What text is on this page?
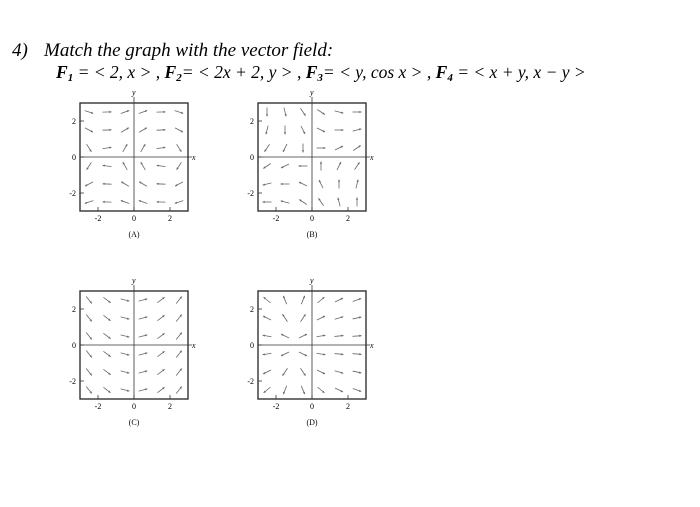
4) Match the graph with the vector field:
$F_1$ = < 2, x > , $F_2= < 2x + 2$, y > , $F_3= < y$, cos x > , $F_4$ = < x + y, x − y >
x
y
-2	0	2
2
0
-2
(A)
x
y
-2	0	2
2
0
-2
(B)
x
y
-2	0	2
2
0
-2
(C)
x
y
-2	0	2
2
0
-2
(D)
